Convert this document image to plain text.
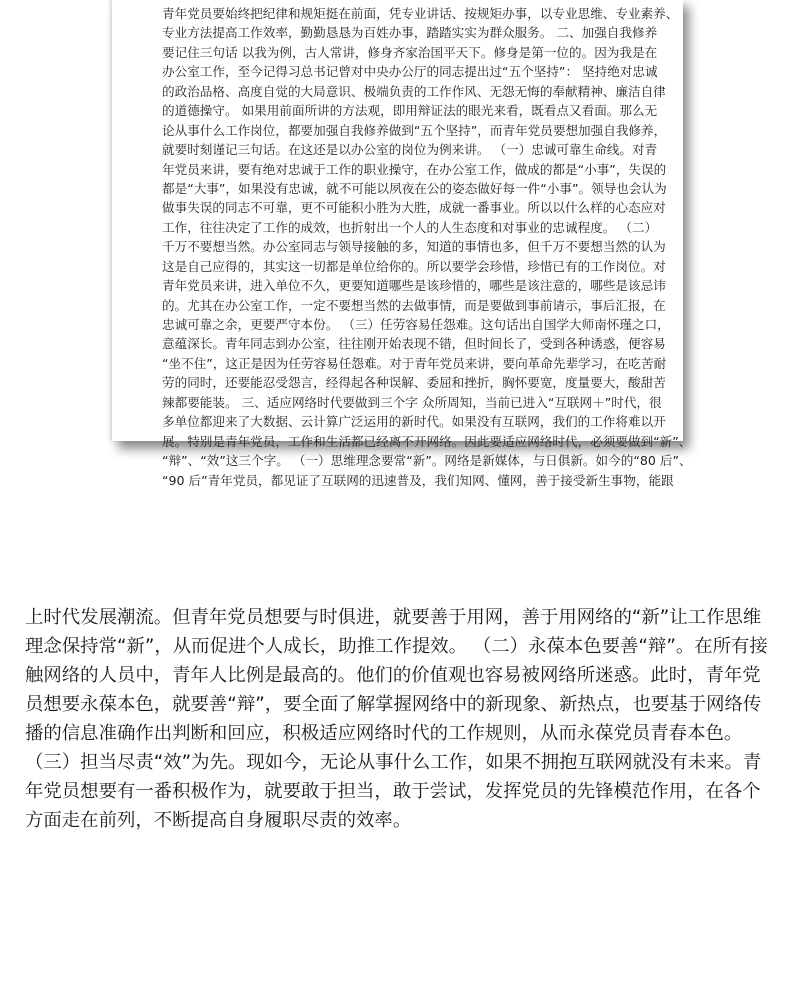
青年党员要始终把纪律和规矩挺在前面，凭专业讲话、按规矩办事，以专业思维、专业素养、
专业方法提高工作效率，勤勤恳恳为百姓办事，踏踏实实为群众服务。 二、加强自我修养
要记住三句话 以我为例，古人常讲，修身齐家治国平天下。修身是第一位的。因为我是在
办公室工作，至今记得习总书记曾对中央办公厅的同志提出过“五个坚持”： 坚持绝对忠诚
的政治品格、高度自觉的大局意识、极端负责的工作作风、无怨无悔的奉献精神、廉洁自律
的道德操守。 如果用前面所讲的方法观，即用辩证法的眼光来看，既看点又看面。那么无
论从事什么工作岗位，都要加强自我修养做到“五个坚持”，而青年党员要想加强自我修养，
就要时刻谨记三句话。在这还是以办公室的岗位为例来讲。 （一）忠诚可靠生命线。对青
年党员来讲，要有绝对忠诚于工作的职业操守，在办公室工作，做成的都是“小事”，失误的
都是“大事”，如果没有忠诚，就不可能以夙夜在公的姿态做好每一件“小事”。领导也会认为
做事失误的同志不可靠，更不可能积小胜为大胜，成就一番事业。所以以什么样的心态应对
工作，往往决定了工作的成效，也折射出一个人的人生态度和对事业的忠诚程度。 （二）
千万不要想当然。办公室同志与领导接触的多，知道的事情也多，但千万不要想当然的认为
这是自己应得的，其实这一切都是单位给你的。所以要学会珍惜，珍惜已有的工作岗位。对
青年党员来讲，进入单位不久，更要知道哪些是该珍惜的，哪些是该注意的，哪些是该忌讳
的。尤其在办公室工作，一定不要想当然的去做事情，而是要做到事前请示，事后汇报，在
忠诚可靠之余，更要严守本份。 （三）任劳容易任怨难。这句话出自国学大师南怀瑾之口，
意蕴深长。青年同志到办公室，往往刚开始表现不错，但时间长了，受到各种诱惑，便容易
“坐不住”，这正是因为任劳容易任怨难。对于青年党员来讲，要向革命先辈学习，在吃苦耐
劳的同时，还要能忍受怨言，经得起各种误解、委屈和挫折，胸怀要宽，度量要大，酸甜苦
辣都要能装。 三、适应网络时代要做到三个字 众所周知，当前已进入“互联网＋”时代，很
多单位都迎来了大数据、云计算广泛运用的新时代。如果没有互联网，我们的工作将难以开
展。特别是青年党员，工作和生活都已经离不开网络。因此要适应网络时代，必须要做到“新”、
“辩”、“效”这三个字。 （一）思维理念要常“新”。网络是新媒体，与日俱新。如今的“80 后”、
“90 后”青年党员，都见证了互联网的迅速普及，我们知网、懂网，善于接受新生事物，能跟
上时代发展潮流。但青年党员想要与时俱进，就要善于用网，善于用网络的“新”让工作思维
理念保持常“新”，从而促进个人成长，助推工作提效。 （二）永葆本色要善“辩”。在所有接
触网络的人员中，青年人比例是最高的。他们的价值观也容易被网络所迷惑。此时，青年党
员想要永葆本色，就要善“辩”，要全面了解掌握网络中的新现象、新热点，也要基于网络传
播的信息准确作出判断和回应，积极适应网络时代的工作规则，从而永葆党员青春本色。
（三）担当尽责“效”为先。现如今，无论从事什么工作，如果不拥抱互联网就没有未来。青
年党员想要有一番积极作为，就要敢于担当，敢于尝试，发挥党员的先锋模范作用，在各个
方面走在前列，不断提高自身履职尽责的效率。
